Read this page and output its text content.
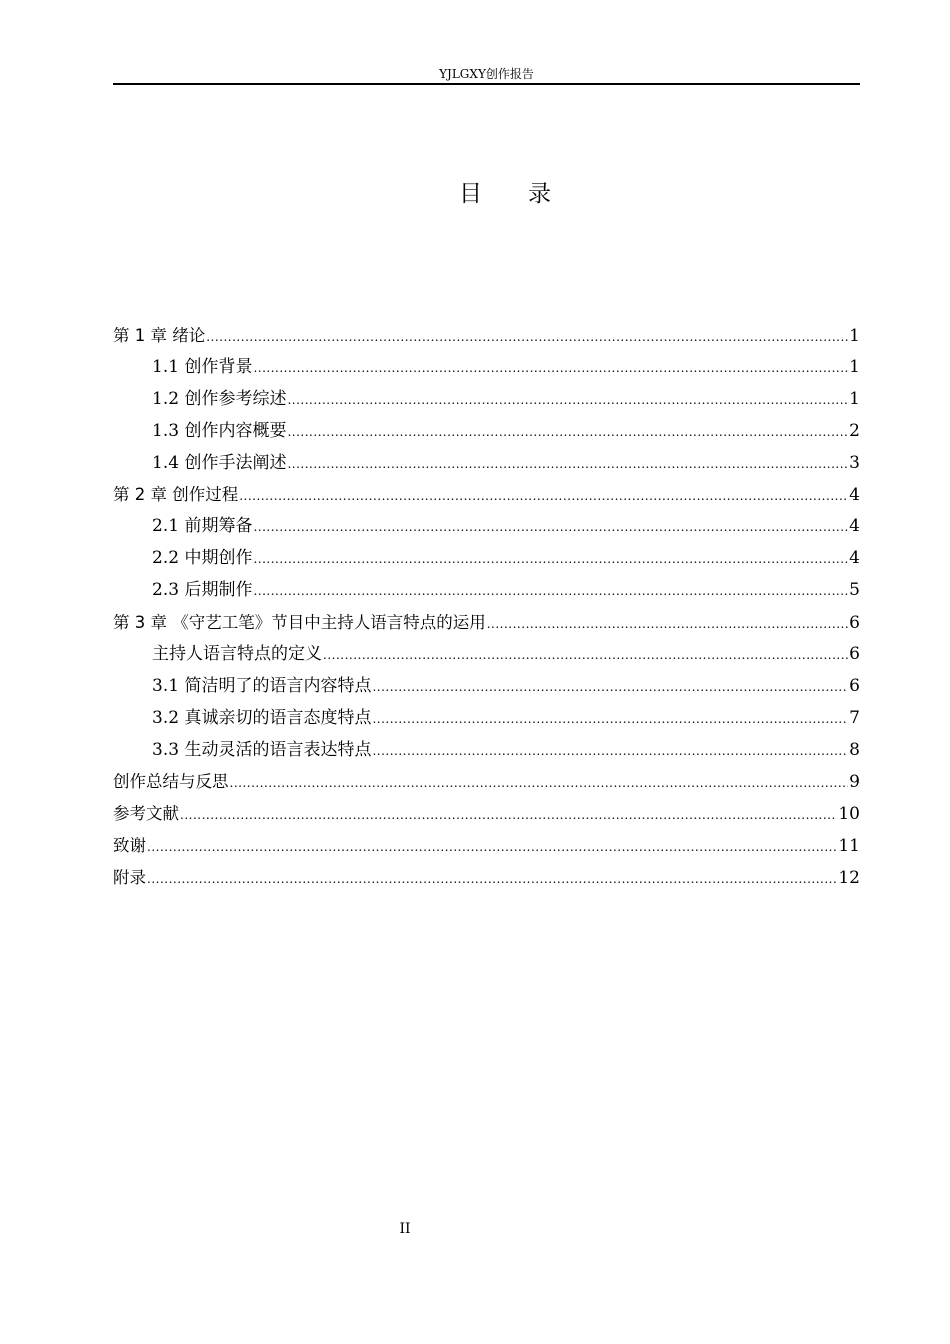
YJLGXY创作报告
目　　录
第 1 章 绪论 .....	1
1.1 创作背景 .....	1
1.2 创作参考综述 .....	1
1.3 创作内容概要 .....	2
1.4 创作手法阐述 .....	3
第 2 章 创作过程 .....	4
2.1 前期筹备 .....	4
2.2 中期创作 .....	4
2.3 后期制作 .....	5
第 3 章 《守艺工笔》节目中主持人语言特点的运用 .....	6
主持人语言特点的定义 .....	6
3.1 简洁明了的语言内容特点 .....	6
3.2 真诚亲切的语言态度特点 .....	7
3.3 生动灵活的语言表达特点 .....	8
创作总结与反思 .....	9
参考文献 .....	10
致谢 .....	11
附录 .....	12
II
